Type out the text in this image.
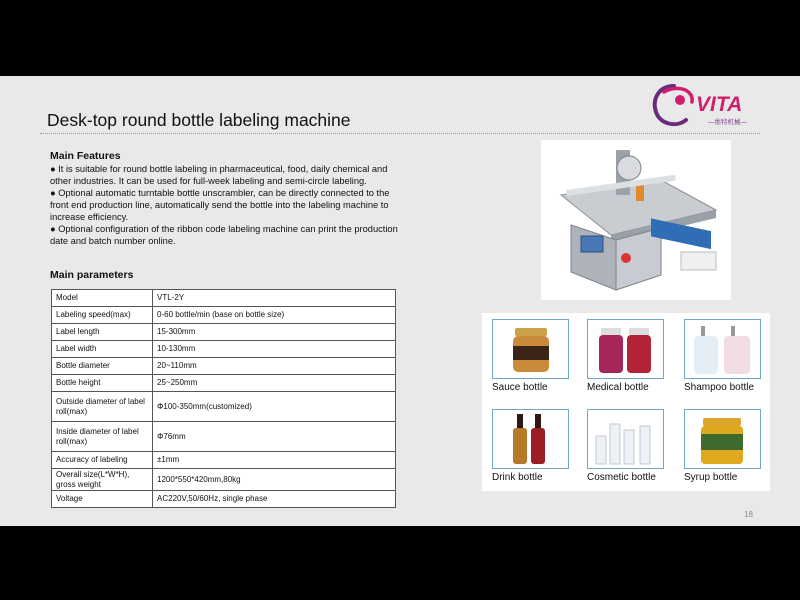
Desk-top round bottle labeling machine
VITA
—维特机械—
Main Features

● It is suitable for round bottle labeling in pharmaceutical, food, daily chemical and other industries. It can be used for full-week labeling and semi-circle labeling.

● Optional automatic turntable bottle unscrambler, can be directly connected to the front end production line, automatically send the bottle into the labeling machine to increase efficiency.

● Optional configuration of the ribbon code labeling machine can print the production date and batch number online.

Main parameters
Model	VTL-2Y
Labeling speed(max)	0-60 bottle/min (base on bottle size)
Label length	15-300mm
Label width	10-130mm
Bottle diameter	20~110mm
Bottle height	25~250mm
Outside diameter of label roll(max)	Φ100-350mm(customized)
Inside diameter of label roll(max)	Φ76mm
Accuracy of labeling	±1mm
Overall size(L*W*H), gross weight	1200*550*420mm,80kg
Voltage	AC220V,50/60Hz, single phase
Sauce bottle	Medical bottle	Shampoo bottle
Drink bottle	Cosmetic bottle	Syrup bottle
18
